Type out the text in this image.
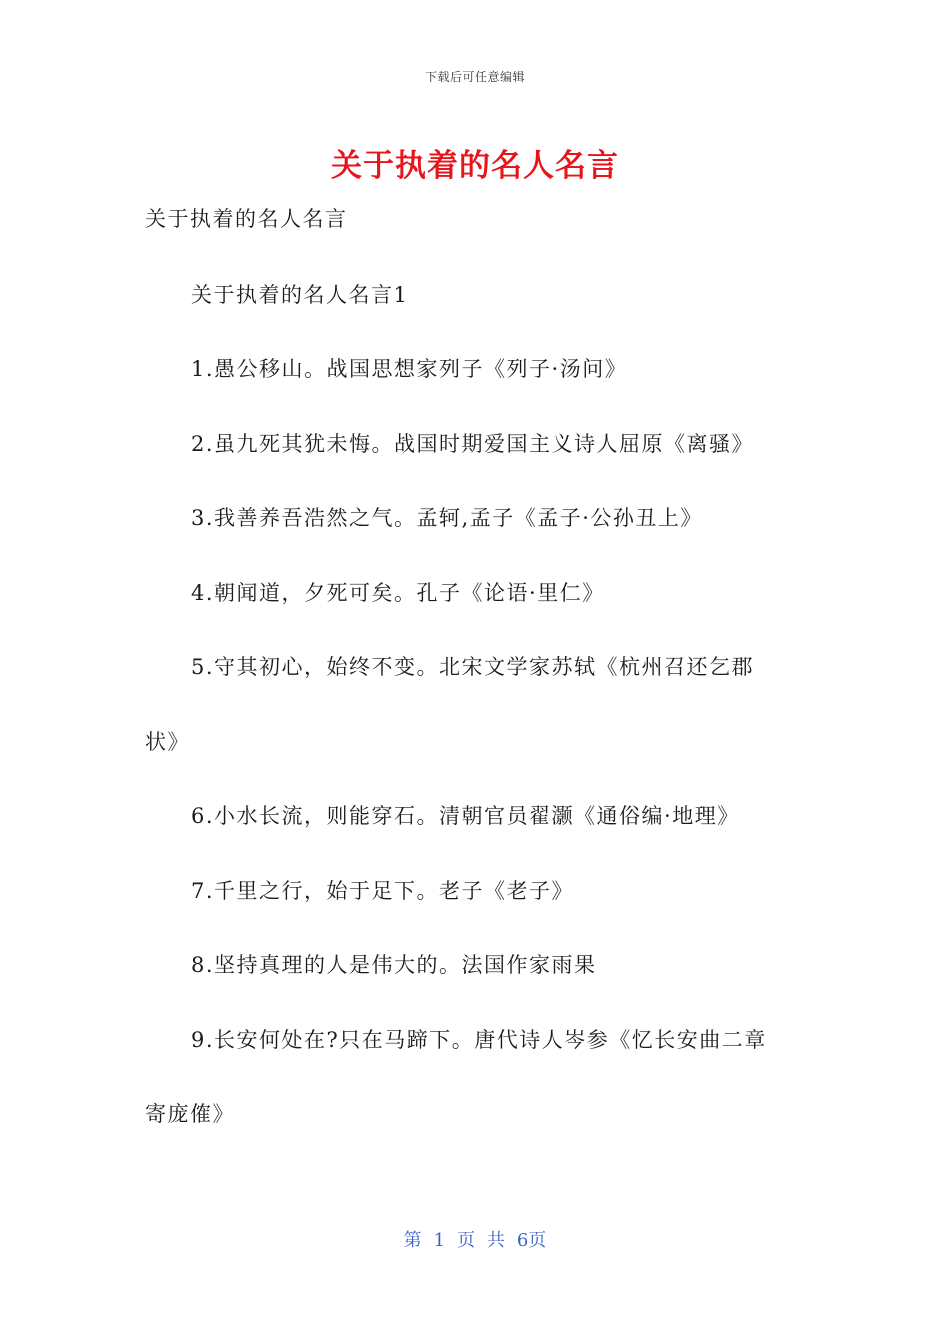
下载后可任意编辑
关于执着的名人名言
关于执着的名人名言
关于执着的名人名言1
1.愚公移山。战国思想家列子《列子·汤问》
2.虽九死其犹未悔。战国时期爱国主义诗人屈原《离骚》
3.我善养吾浩然之气。孟轲,孟子《孟子·公孙丑上》
4.朝闻道，夕死可矣。孔子《论语·里仁》
5.守其初心，始终不变。北宋文学家苏轼《杭州召还乞郡
状》
6.小水长流，则能穿石。清朝官员翟灏《通俗编·地理》
7.千里之行，始于足下。老子《老子》
8.坚持真理的人是伟大的。法国作家雨果
9.长安何处在?只在马蹄下。唐代诗人岑参《忆长安曲二章
寄庞傕》
第 1 页 共 6页
